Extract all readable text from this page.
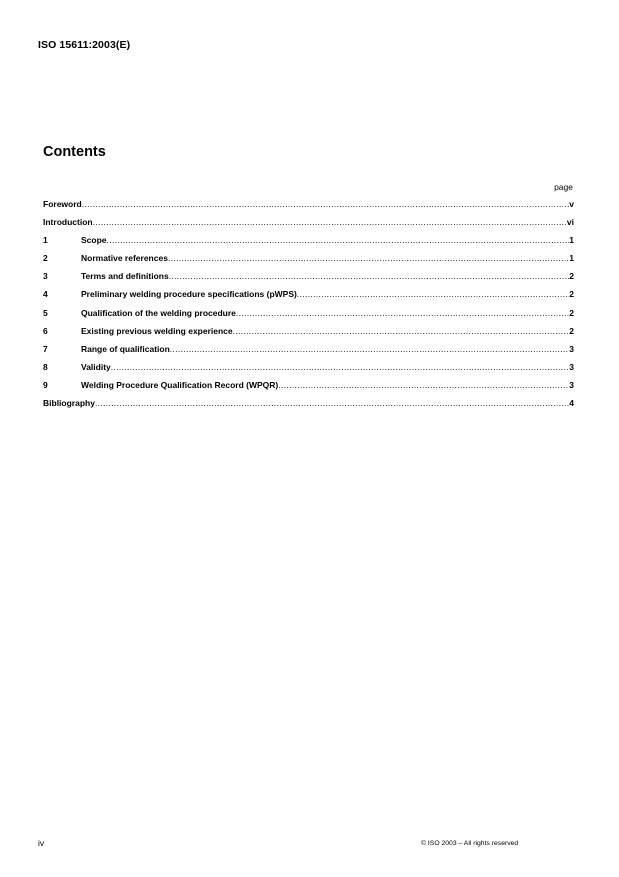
ISO 15611:2003(E)
Contents
page
Foreword .....	v
Introduction .....	vi
1	Scope .....	1
2	Normative references .....	1
3	Terms and definitions .....	2
4	Preliminary welding procedure specifications (pWPS) .....	2
5	Qualification of the welding procedure .....	2
6	Existing previous welding experience .....	2
7	Range of qualification .....	3
8	Validity .....	3
9	Welding Procedure Qualification Record (WPQR) .....	3
Bibliography .....	4
iv	© ISO 2003 – All rights reserved
